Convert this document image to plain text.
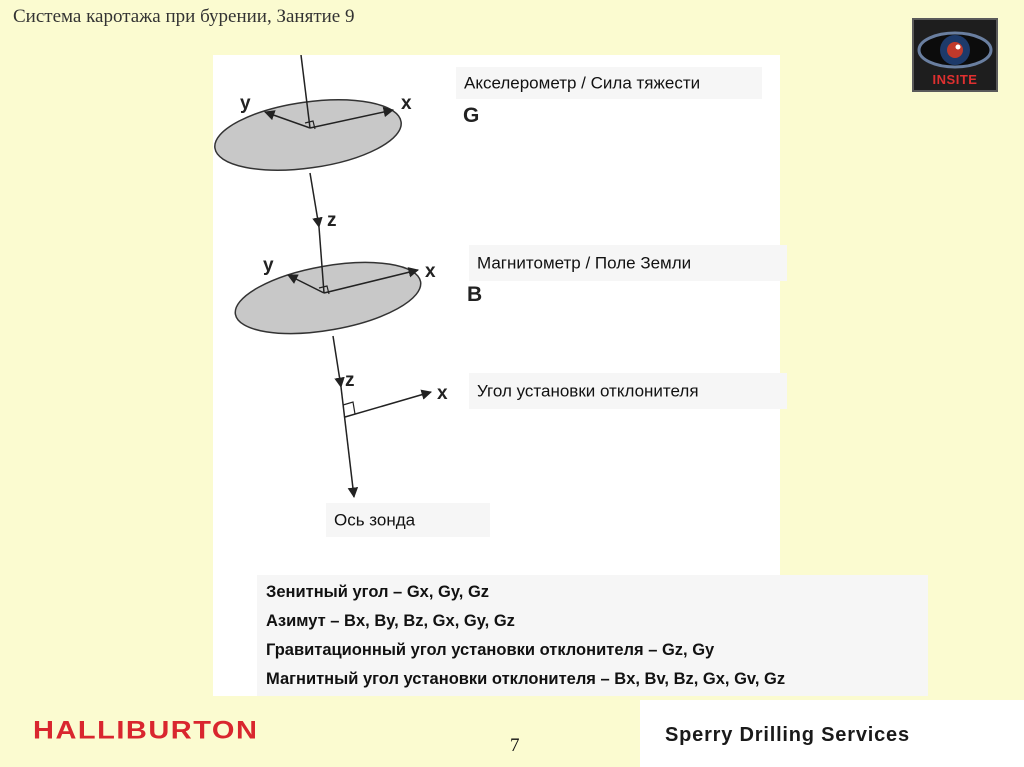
Система каротажа при бурении, Занятие 9
INSITE
y	x
z
G
y	x
z
B
x
Акселерометр / Сила тяжести
Магнитометр / Поле Земли
Угол установки отклонителя
Ось зонда
Зенитный угол – Gx, Gy, Gz
Азимут – Bx, By, Bz, Gx, Gy, Gz
Гравитационный угол установки отклонителя – Gz, Gy
Магнитный угол установки отклонителя – Bx, Bv, Bz, Gx, Gv, Gz
HALLIBURTON
7	Sperry Drilling Services
